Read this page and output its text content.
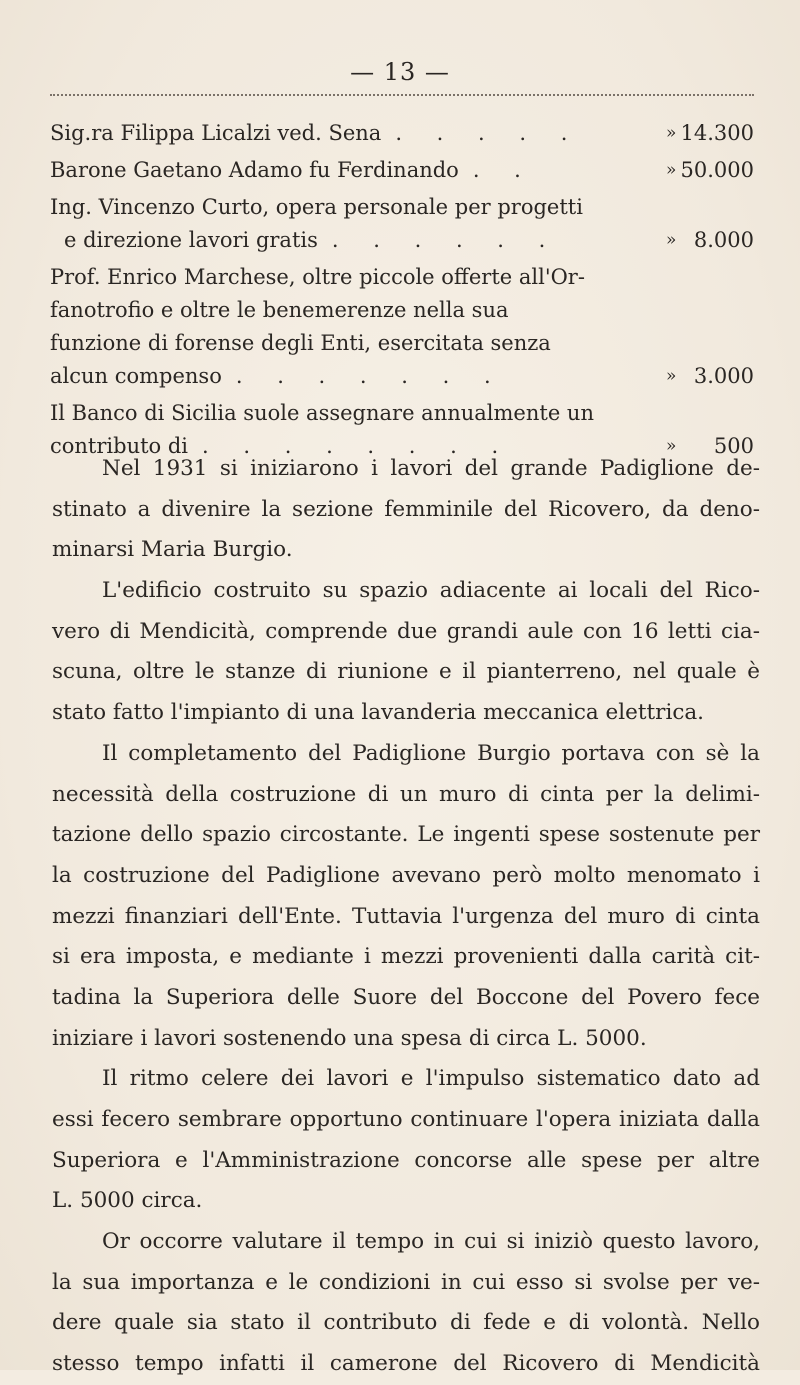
— 13 —
Sig.ra Filippa Licalzi ved. Sena . . . . .	» 14.300
Barone Gaetano Adamo fu Ferdinando . .	» 50.000
Ing. Vincenzo Curto, opera personale per progetti
e direzione lavori gratis . . . . . .	» 8.000
Prof. Enrico Marchese, oltre piccole offerte all'Or-
fanotrofio e oltre le benemerenze nella sua
funzione di forense degli Enti, esercitata senza
alcun compenso . . . . . . .	» 3.000
Il Banco di Sicilia suole assegnare annualmente un
contributo di . . . . . . . .	» 500
Nel 1931 si iniziarono i lavori del grande Padiglione de-
stinato a divenire la sezione femminile del Ricovero, da deno-
minarsi Maria Burgio.
L'edificio costruito su spazio adiacente ai locali del Rico-
vero di Mendicità, comprende due grandi aule con 16 letti cia-
scuna, oltre le stanze di riunione e il pianterreno, nel quale è
stato fatto l'impianto di una lavanderia meccanica elettrica.
Il completamento del Padiglione Burgio portava con sè la
necessità della costruzione di un muro di cinta per la delimi-
tazione dello spazio circostante. Le ingenti spese sostenute per
la costruzione del Padiglione avevano però molto menomato i
mezzi finanziari dell'Ente. Tuttavia l'urgenza del muro di cinta
si era imposta, e mediante i mezzi provenienti dalla carità cit-
tadina la Superiora delle Suore del Boccone del Povero fece
iniziare i lavori sostenendo una spesa di circa L. 5000.
Il ritmo celere dei lavori e l'impulso sistematico dato ad
essi fecero sembrare opportuno continuare l'opera iniziata dalla
Superiora e l'Amministrazione concorse alle spese per altre
L. 5000 circa.
Or occorre valutare il tempo in cui si iniziò questo lavoro,
la sua importanza e le condizioni in cui esso si svolse per ve-
dere quale sia stato il contributo di fede e di volontà. Nello
stesso tempo infatti il camerone del Ricovero di Mendicità
